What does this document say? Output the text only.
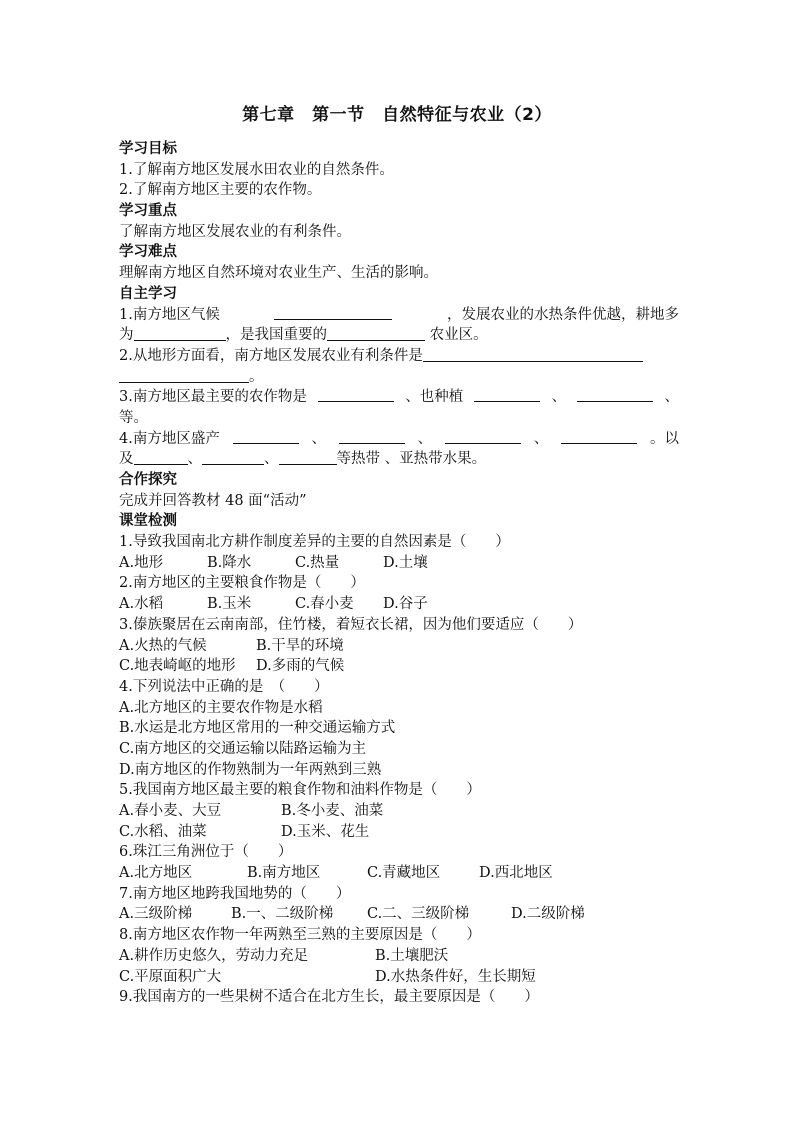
第七章　第一节　自然特征与农业（2）
学习目标
1.了解南方地区发展水田农业的自然条件。
2.了解南方地区主要的农作物。
学习重点
了解南方地区发展农业的有利条件。
学习难点
理解南方地区自然环境对农业生产、生活的影响。
自主学习
1.南方地区气候	，发展农业的水热条件优越，耕地多
为	，是我国重要的	农业区。
2.从地形方面看，南方地区发展农业有利条件是
。
3.南方地区最主要的农作物是	、也种植	、	、
等。
4.南方地区盛产	、	、	、	。以
及	、	、	等热带 、亚热带水果。
合作探究
完成并回答教材 48 面“活动”
课堂检测
1.导致我国南北方耕作制度差异的主要的自然因素是（　　）
A.地形	B.降水	C.热量	D.土壤
2.南方地区的主要粮食作物是（　　）
A.水稻	B.玉米	C.春小麦 D.谷子
3.傣族聚居在云南南部，住竹楼，着短衣长裙，因为他们要适应（　　）
A.火热的气候	B.干旱的环境
C.地表崎岖的地形 D.多雨的气候
4.下列说法中正确的是　（　　）
A.北方地区的主要农作物是水稻
B.水运是北方地区常用的一种交通运输方式
C.南方地区的交通运输以陆路运输为主
D.南方地区的作物熟制为一年两熟到三熟
5.我国南方地区最主要的粮食作物和油料作物是（　　）
A.春小麦、大豆	B.冬小麦、油菜
C.水稻、油菜	D.玉米、花生
6.珠江三角洲位于（　　）
A.北方地区	B.南方地区	C.青藏地区	D.西北地区
7.南方地区地跨我国地势的（　　）
A.三级阶梯	B.一、二级阶梯 C.二、三级阶梯	D.二级阶梯
8.南方地区农作物一年两熟至三熟的主要原因是（　　）
A.耕作历史悠久，劳动力充足	B.土壤肥沃
C.平原面积广大	D.水热条件好，生长期短
9.我国南方的一些果树不适合在北方生长，最主要原因是（　　）
